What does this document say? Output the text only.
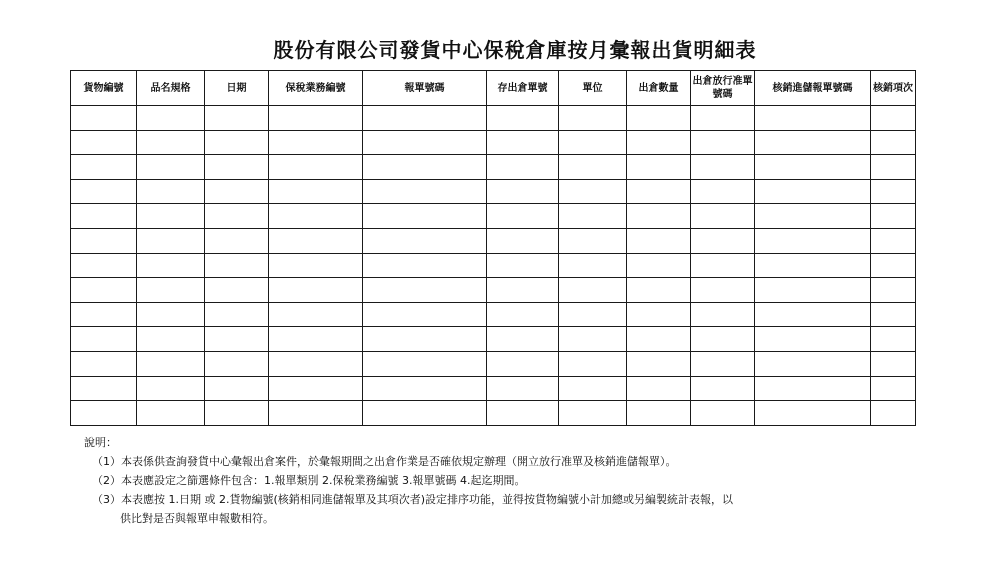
股份有限公司發貨中心保稅倉庫按月彙報出貨明細表
貨物編號	品名規格	日期	保稅業務編號	報單號碼	存出倉單號	單位	出倉數量	出倉放行准單號碼	核銷進儲報單號碼	核銷項次

說明：
（1）本表係供查詢發貨中心彙報出倉案件，於彙報期間之出倉作業是否確依規定辦理（開立放行准單及核銷進儲報單）。
（2）本表應設定之篩選條件包含：1.報單類別 2.保稅業務編號 3.報單號碼 4.起迄期間。
（3）本表應按 1.日期 或 2.貨物編號(核銷相同進儲報單及其項次者)設定排序功能，並得按貨物編號小計加總或另編製統計表報，以
供比對是否與報單申報數相符。
